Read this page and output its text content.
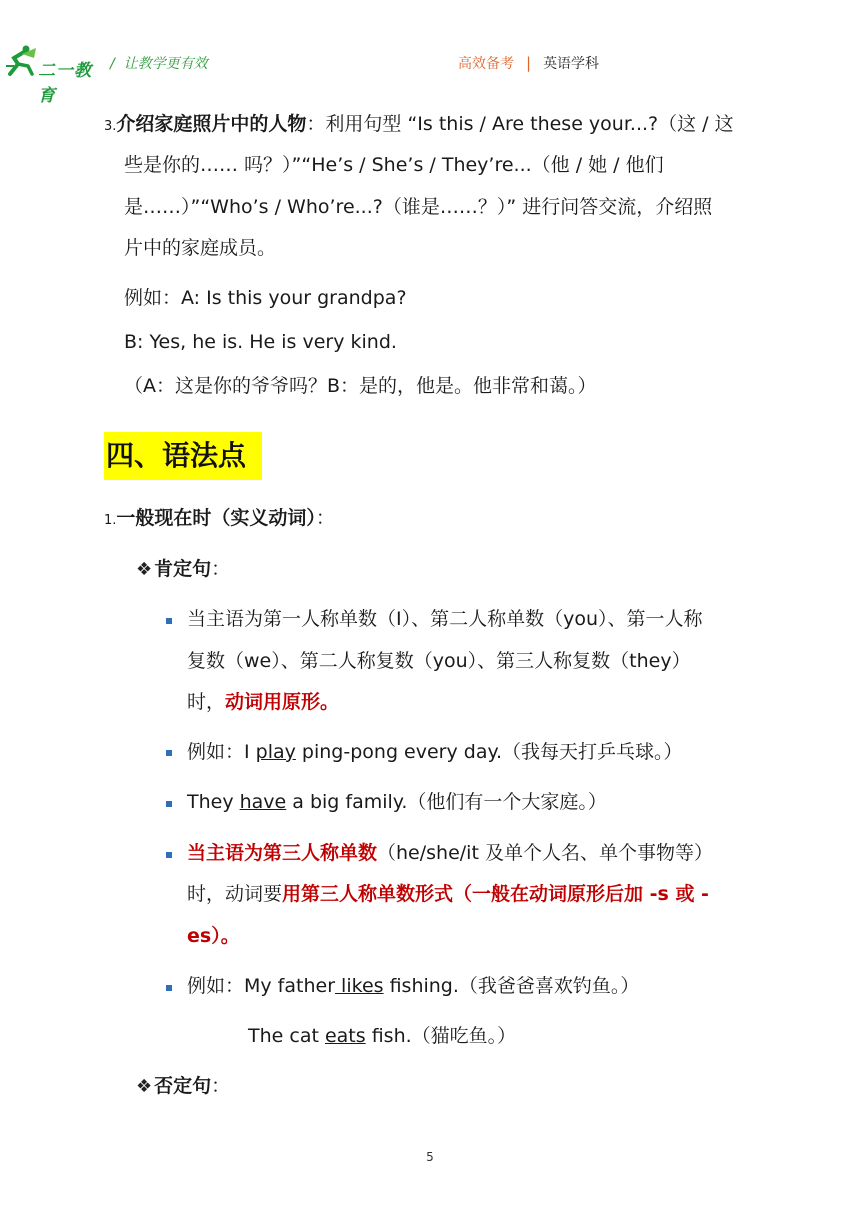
二一教育
/  让教学更有效	高效备考 | 英语学科
3.介绍家庭照片中的人物：利用句型 “Is this / Are these your...?（这 / 这
些是你的…… 吗？）”“He’s / She’s / They’re...（他 / 她 / 他们
是……）”“Who’s / Who’re...?（谁是……？）” 进行问答交流，介绍照
片中的家庭成员。
例如：A: Is this your grandpa?
B: Yes, he is. He is very kind.
（A：这是你的爷爷吗？B：是的，他是。他非常和蔼。）
四、语法点
1.一般现在时（实义动词）：
❖ 肯定句：
当主语为第一人称单数（I）、第二人称单数（you）、第一人称
复数（we）、第二人称复数（you）、第三人称复数（they）
时，动词用原形。
例如：I play ping-pong every day.（我每天打乒乓球。）
They have a big family.（他们有一个大家庭。）
当主语为第三人称单数（he/she/it 及单个人名、单个事物等）
时，动词要用第三人称单数形式（一般在动词原形后加 -s 或 -
es）。
例如：My father likes fishing.（我爸爸喜欢钓鱼。）
The cat eats fish.（猫吃鱼。）
❖ 否定句：
5
